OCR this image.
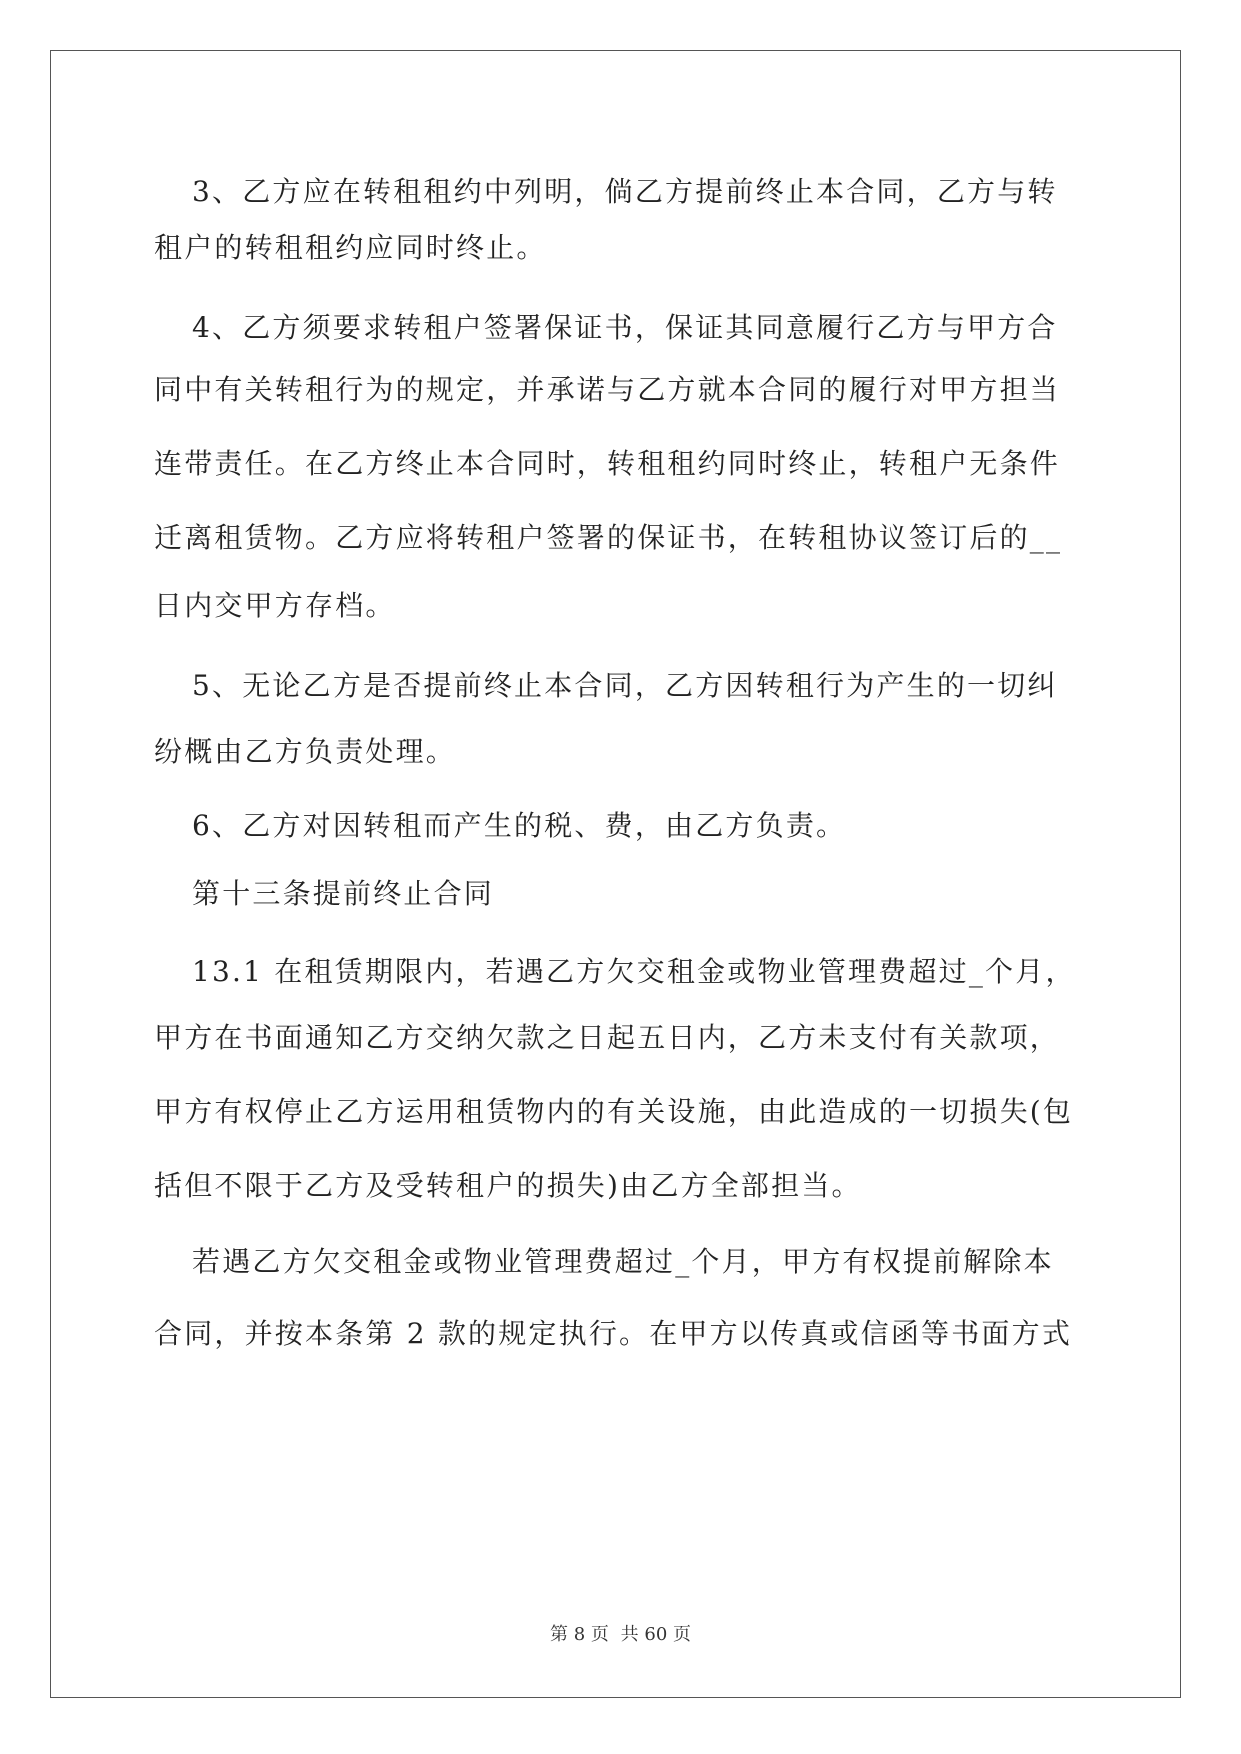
3、乙方应在转租租约中列明，倘乙方提前终止本合同，乙方与转
租户的转租租约应同时终止。
4、乙方须要求转租户签署保证书，保证其同意履行乙方与甲方合
同中有关转租行为的规定，并承诺与乙方就本合同的履行对甲方担当
连带责任。在乙方终止本合同时，转租租约同时终止，转租户无条件
迁离租赁物。乙方应将转租户签署的保证书，在转租协议签订后的__
日内交甲方存档。
5、无论乙方是否提前终止本合同，乙方因转租行为产生的一切纠
纷概由乙方负责处理。
6、乙方对因转租而产生的税、费，由乙方负责。
第十三条提前终止合同
13.1 在租赁期限内，若遇乙方欠交租金或物业管理费超过_个月，
甲方在书面通知乙方交纳欠款之日起五日内，乙方未支付有关款项，
甲方有权停止乙方运用租赁物内的有关设施，由此造成的一切损失(包
括但不限于乙方及受转租户的损失)由乙方全部担当。
若遇乙方欠交租金或物业管理费超过_个月，甲方有权提前解除本
合同，并按本条第 2 款的规定执行。在甲方以传真或信函等书面方式
第 8 页 共 60 页
